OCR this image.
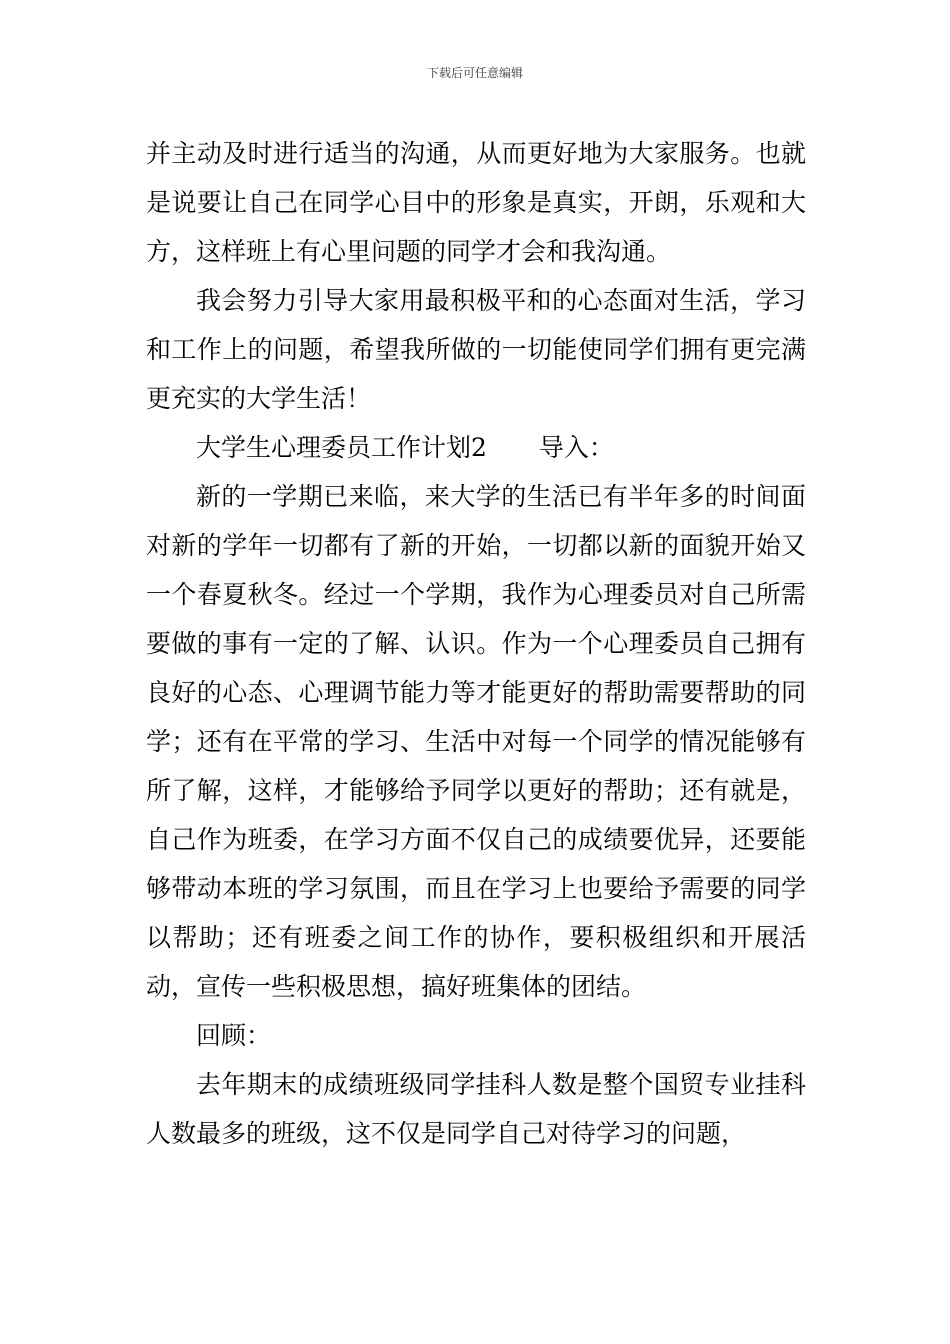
下载后可任意编辑

并主动及时进行适当的沟通，从而更好地为大家服务。也就是说要让自己在同学心目中的形象是真实，开朗，乐观和大方，这样班上有心里问题的同学才会和我沟通。

我会努力引导大家用最积极平和的心态面对生活，学习和工作上的问题，希望我所做的一切能使同学们拥有更完满更充实的大学生活！

大学生心理委员工作计划2 导入：

新的一学期已来临，来大学的生活已有半年多的时间面对新的学年一切都有了新的开始，一切都以新的面貌开始又一个春夏秋冬。经过一个学期，我作为心理委员对自己所需要做的事有一定的了解、认识。作为一个心理委员自己拥有良好的心态、心理调节能力等才能更好的帮助需要帮助的同学；还有在平常的学习、生活中对每一个同学的情况能够有所了解，这样，才能够给予同学以更好的帮助；还有就是，自己作为班委，在学习方面不仅自己的成绩要优异，还要能够带动本班的学习氛围，而且在学习上也要给予需要的同学以帮助；还有班委之间工作的协作，要积极组织和开展活动，宣传一些积极思想，搞好班集体的团结。

回顾：

去年期末的成绩班级同学挂科人数是整个国贸专业挂科人数最多的班级，这不仅是同学自己对待学习的问题，
